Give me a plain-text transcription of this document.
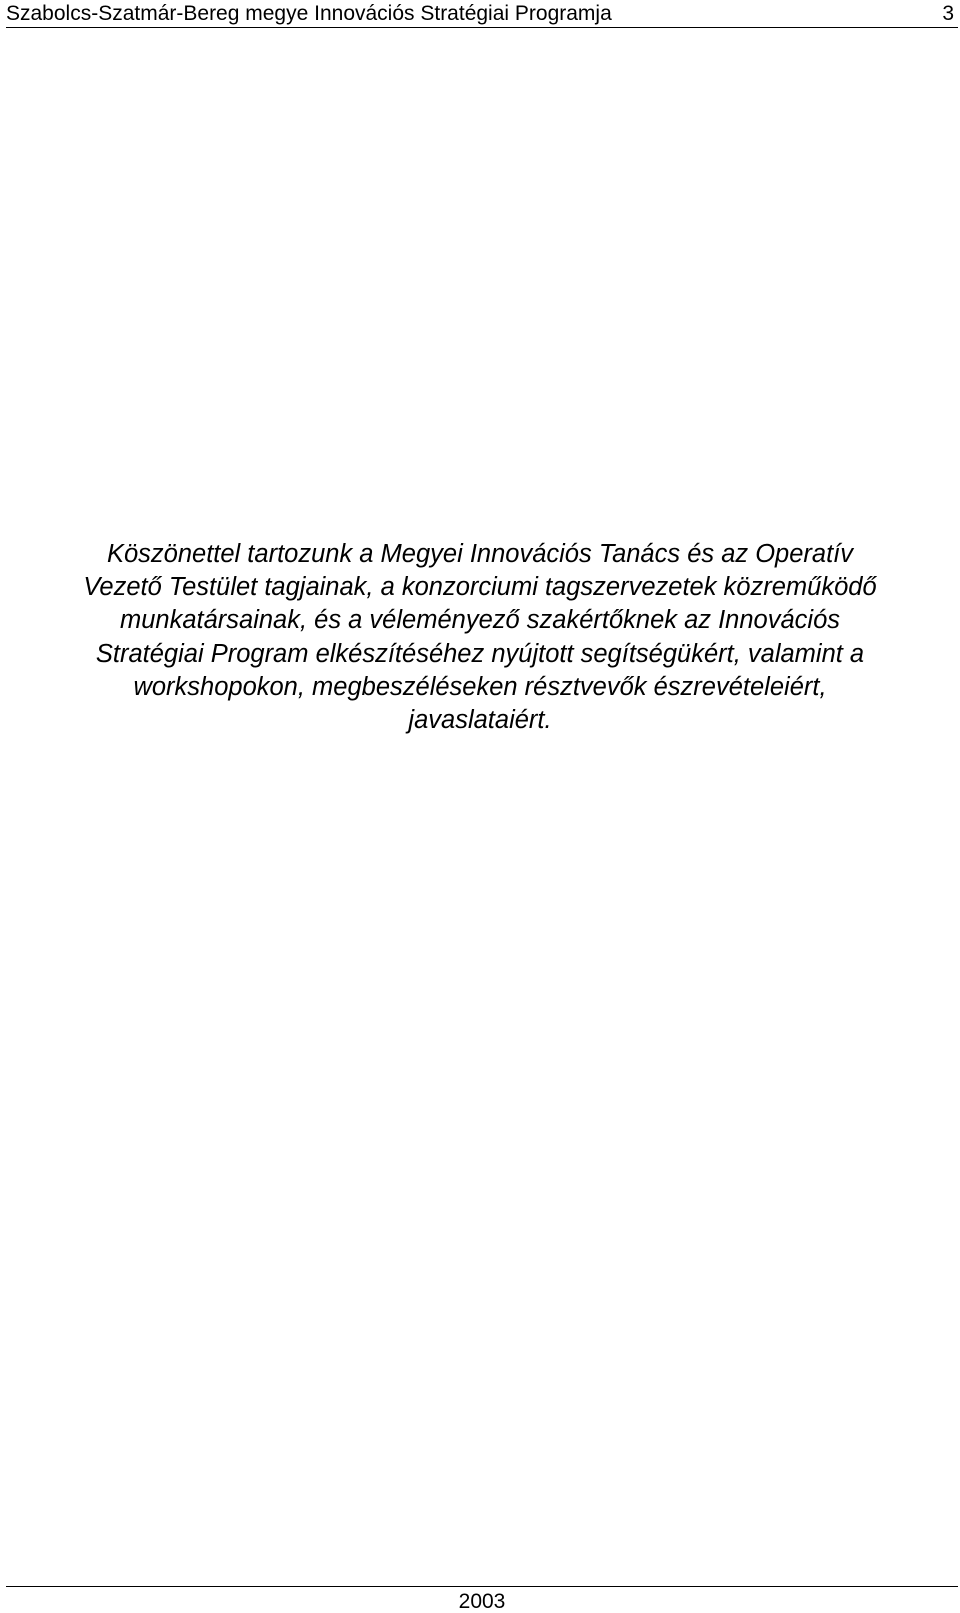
Szabolcs-Szatmár-Bereg megye Innovációs Stratégiai Programja	3

Köszönettel tartozunk a Megyei Innovációs Tanács és az Operatív
Vezető Testület tagjainak, a konzorciumi tagszervezetek közreműködő
munkatársainak, és a véleményező szakértőknek az Innovációs
Stratégiai Program elkészítéséhez nyújtott segítségükért, valamint a
workshopokon, megbeszéléseken résztvevők észrevételeiért,
javaslataiért.

2003
